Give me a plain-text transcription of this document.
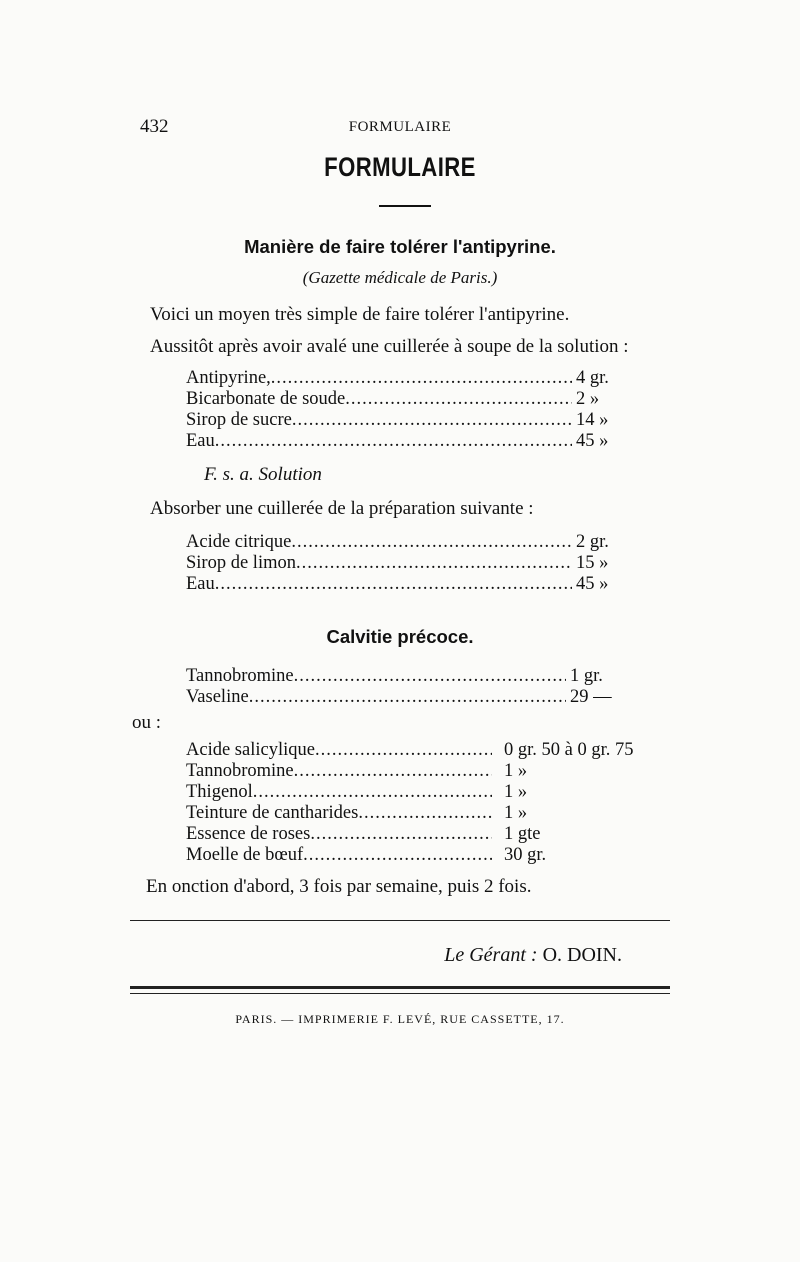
432	FORMULAIRE
FORMULAIRE
Manière de faire tolérer l'antipyrine.
(Gazette médicale de Paris.)
Voici un moyen très simple de faire tolérer l'antipyrine.
Aussitôt après avoir avalé une cuillerée à soupe de la solution :
Antipyrine, .....	4 gr.
Bicarbonate de soude .....	2 »
Sirop de sucre .....	14 »
Eau .....	45 »
F. s. a. Solution
Absorber une cuillerée de la préparation suivante :
Acide citrique .....	2 gr.
Sirop de limon .....	15 »
Eau .....	45 »
Calvitie précoce.
Tannobromine .....	1 gr.
Vaseline .....	29 —
ou :
Acide salicylique .....	0 gr. 50 à 0 gr. 75
Tannobromine .....	1 »
Thigenol .....	1 »
Teinture de cantharides .....	1 »
Essence de roses .....	1 gte
Moelle de bœuf .....	30 gr.
En onction d'abord, 3 fois par semaine, puis 2 fois.
Le Gérant : O. DOIN.
PARIS. — IMPRIMERIE F. LEVÉ, RUE CASSETTE, 17.
